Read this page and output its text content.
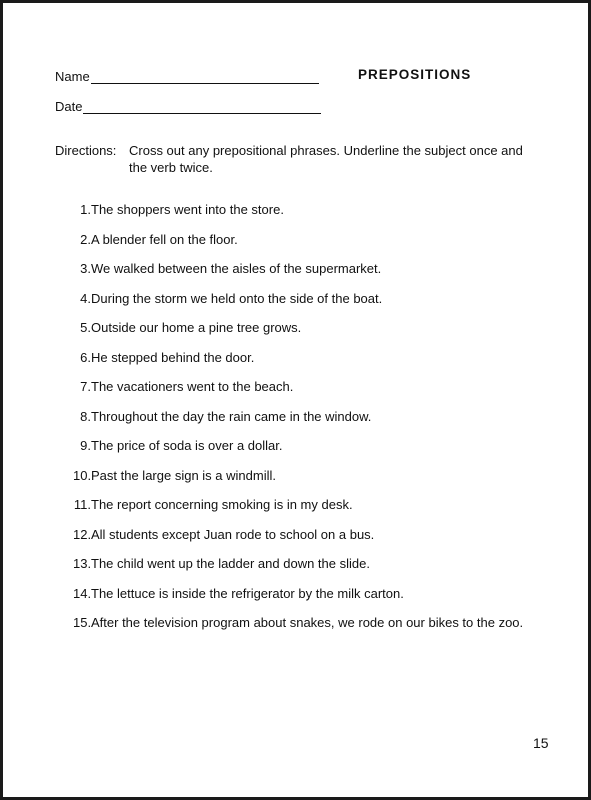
Name	PREPOSITIONS
Date
Directions: Cross out any prepositional phrases. Underline the subject once and the verb twice.
1. The shoppers went into the store.
2. A blender fell on the floor.
3. We walked between the aisles of the supermarket.
4. During the storm we held onto the side of the boat.
5. Outside our home a pine tree grows.
6. He stepped behind the door.
7. The vacationers went to the beach.
8. Throughout the day the rain came in the window.
9. The price of soda is over a dollar.
10. Past the large sign is a windmill.
11. The report concerning smoking is in my desk.
12. All students except Juan rode to school on a bus.
13. The child went up the ladder and down the slide.
14. The lettuce is inside the refrigerator by the milk carton.
15. After the television program about snakes, we rode on our bikes to the zoo.
15
